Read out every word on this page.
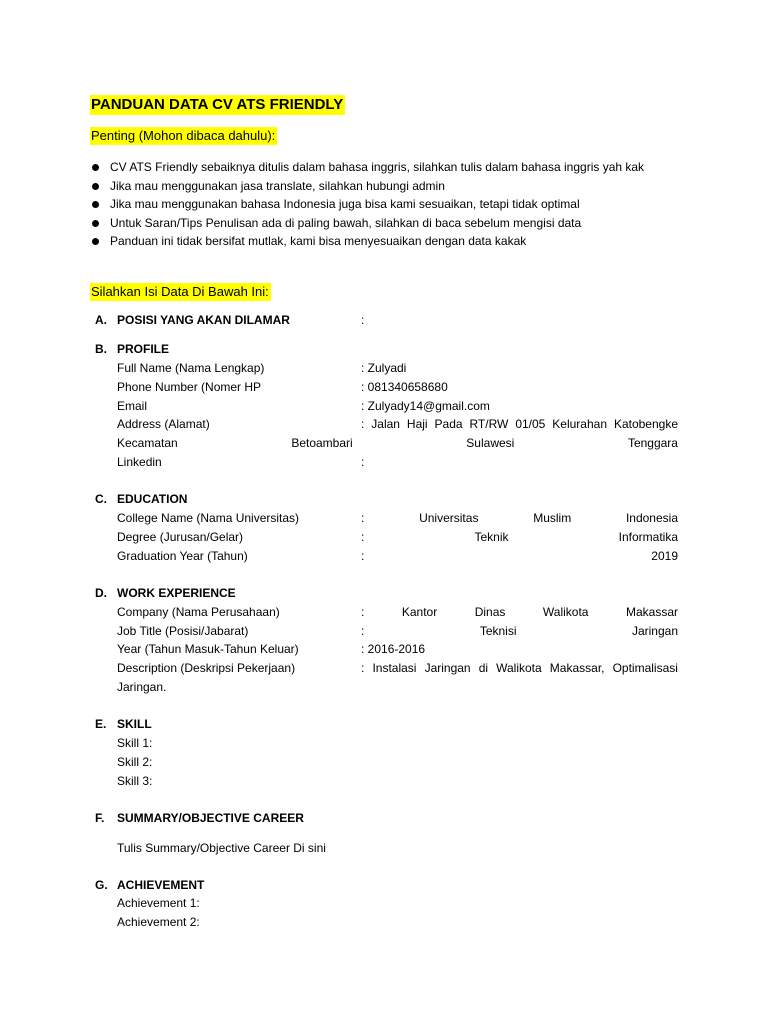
PANDUAN DATA CV ATS FRIENDLY
Penting (Mohon dibaca dahulu):
CV ATS Friendly sebaiknya ditulis dalam bahasa inggris, silahkan tulis dalam bahasa inggris yah kak
Jika mau menggunakan jasa translate, silahkan hubungi admin
Jika mau menggunakan bahasa Indonesia juga bisa kami sesuaikan, tetapi tidak optimal
Untuk Saran/Tips Penulisan ada di paling bawah, silahkan di baca sebelum mengisi data
Panduan ini tidak bersifat mutlak, kami bisa menyesuaikan dengan data kakak
Silahkan Isi Data Di Bawah Ini:
A. POSISI YANG AKAN DILAMAR	:
B. PROFILE
Full Name (Nama Lengkap)	: Zulyadi
Phone Number (Nomer HP	: 081340658680
Email	: Zulyady14@gmail.com
Address (Alamat)	: Jalan Haji Pada RT/RW 01/05 Kelurahan Katobengke
Kecamatan	Betoambari	Sulawesi	Tenggara
Linkedin	:
C. EDUCATION
College Name (Nama Universitas)	:	Universitas	Muslim	Indonesia
Degree (Jurusan/Gelar)	:	Teknik	Informatika
Graduation Year (Tahun)	:	2019
D. WORK EXPERIENCE
Company (Nama Perusahaan)	:	Kantor	Dinas	Walikota	Makassar
Job Title (Posisi/Jabarat)	:	Teknisi	Jaringan
Year (Tahun Masuk-Tahun Keluar)	: 2016-2016
Description (Deskripsi Pekerjaan)	: Instalasi Jaringan di Walikota Makassar, Optimalisasi
Jaringan.
E. SKILL
Skill 1:
Skill 2:
Skill 3:
F. SUMMARY/OBJECTIVE CAREER
Tulis Summary/Objective Career Di sini
G. ACHIEVEMENT
Achievement 1:
Achievement 2:
